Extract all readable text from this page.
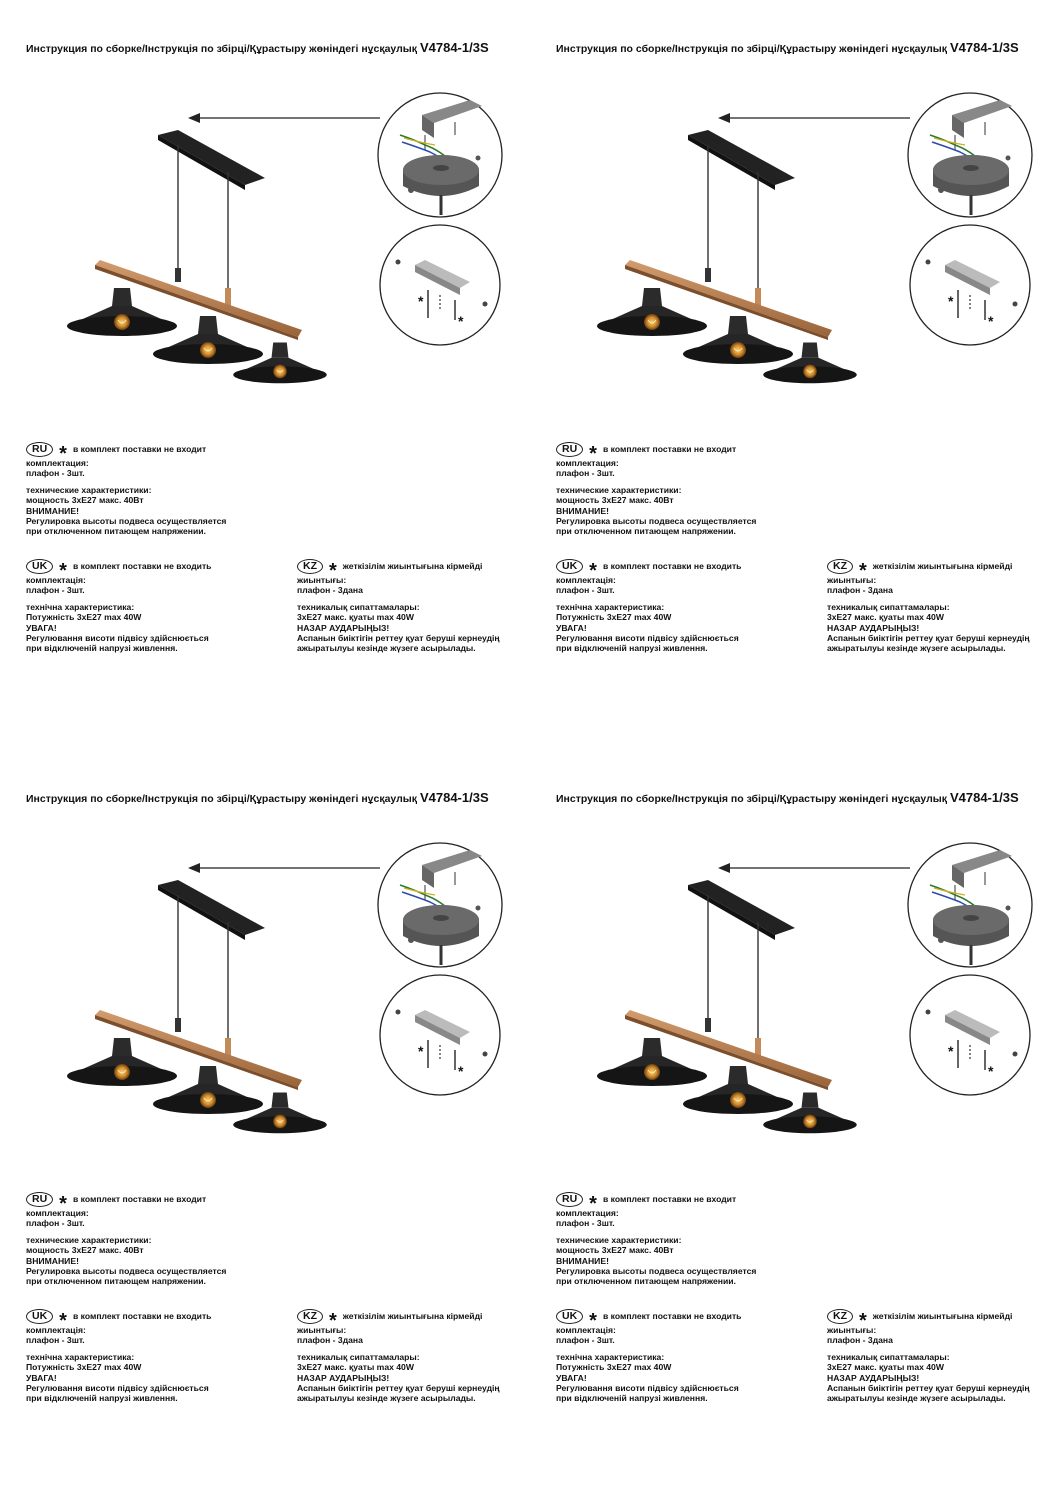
Инструкция по сборке/Інструкція по збірці/Құрастыру жөніндегі нұсқаулық V4784-1/3S
RU * в комплект поставки не входит
комплектация:
плафон - 3шт.
технические характеристики:
мощность 3хЕ27 макс. 40Вт
ВНИМАНИЕ!
Регулировка высоты подвеса осуществляется
при отключенном питающем напряжении.
UK * в комплект поставки не входить
комплектація:
плафон - 3шт.
технічна характеристика:
Потужність 3хЕ27 max 40W
УВАГА!
Регулювання висоти підвісу здійснюється
при відключеній напрузі живлення.
KZ * жеткізілім жиынтығына кірмейді
жиынтығы:
плафон - 3дана
техникалық сипаттамалары:
3хЕ27 макс. қуаты max 40W
НАЗАР АУДАРЫҢЫЗ!
Аспанын биіктігін реттеу қуат беруші кернеудің
ажыратылуы кезінде жүзеге асырылады.
Инструкция по сборке/Інструкція по збірці/Құрастыру жөніндегі нұсқаулық V4784-1/3S
RU * в комплект поставки не входит
комплектация:
плафон - 3шт.
технические характеристики:
мощность 3хЕ27 макс. 40Вт
ВНИМАНИЕ!
Регулировка высоты подвеса осуществляется
при отключенном питающем напряжении.
UK * в комплект поставки не входить
комплектація:
плафон - 3шт.
технічна характеристика:
Потужність 3хЕ27 max 40W
УВАГА!
Регулювання висоти підвісу здійснюється
при відключеній напрузі живлення.
KZ * жеткізілім жиынтығына кірмейді
жиынтығы:
плафон - 3дана
техникалық сипаттамалары:
3хЕ27 макс. қуаты max 40W
НАЗАР АУДАРЫҢЫЗ!
Аспанын биіктігін реттеу қуат беруші кернеудің
ажыратылуы кезінде жүзеге асырылады.
Инструкция по сборке/Інструкція по збірці/Құрастыру жөніндегі нұсқаулық V4784-1/3S
RU * в комплект поставки не входит
комплектация:
плафон - 3шт.
технические характеристики:
мощность 3хЕ27 макс. 40Вт
ВНИМАНИЕ!
Регулировка высоты подвеса осуществляется
при отключенном питающем напряжении.
UK * в комплект поставки не входить
комплектація:
плафон - 3шт.
технічна характеристика:
Потужність 3хЕ27 max 40W
УВАГА!
Регулювання висоти підвісу здійснюється
при відключеній напрузі живлення.
KZ * жеткізілім жиынтығына кірмейді
жиынтығы:
плафон - 3дана
техникалық сипаттамалары:
3хЕ27 макс. қуаты max 40W
НАЗАР АУДАРЫҢЫЗ!
Аспанын биіктігін реттеу қуат беруші кернеудің
ажыратылуы кезінде жүзеге асырылады.
Инструкция по сборке/Інструкція по збірці/Құрастыру жөніндегі нұсқаулық V4784-1/3S
RU * в комплект поставки не входит
комплектация:
плафон - 3шт.
технические характеристики:
мощность 3хЕ27 макс. 40Вт
ВНИМАНИЕ!
Регулировка высоты подвеса осуществляется
при отключенном питающем напряжении.
UK * в комплект поставки не входить
комплектація:
плафон - 3шт.
технічна характеристика:
Потужність 3хЕ27 max 40W
УВАГА!
Регулювання висоти підвісу здійснюється
при відключеній напрузі живлення.
KZ * жеткізілім жиынтығына кірмейді
жиынтығы:
плафон - 3дана
техникалық сипаттамалары:
3хЕ27 макс. қуаты max 40W
НАЗАР АУДАРЫҢЫЗ!
Аспанын биіктігін реттеу қуат беруші кернеудің
ажыратылуы кезінде жүзеге асырылады.
